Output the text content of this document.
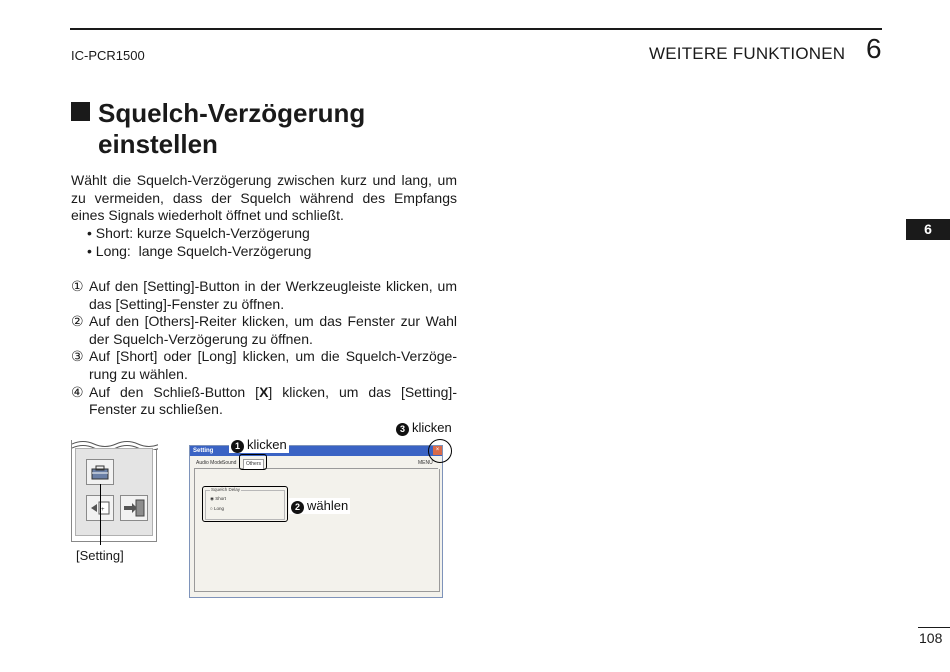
IC-PCR1500	WEITERE FUNKTIONEN 6
6
Squelch-Verzögerung
einstellen
Wählt die Squelch-Verzögerung zwischen kurz und lang, um zu vermeiden, dass der Squelch während des Empfangs eines Signals wiederholt öffnet und schließt.
• Short: kurze Squelch-Verzögerung
• Long:  lange Squelch-Verzögerung
① Auf den [Setting]-Button in der Werkzeugleiste klicken, um das [Setting]-Fenster zu öffnen.
② Auf den [Others]-Reiter klicken, um das Fenster zur Wahl der Squelch-Verzögerung zu öffnen.
③ Auf [Short] oder [Long] klicken, um die Squelch-Verzöge-rung zu wählen.
④ Auf den Schließ-Button [X] klicken, um das [Setting]-Fenster zu schließen.
+
[Setting]
Setting	×
Audio Mode Sound	Others	MENU
Squelch Delay
◉ Short
○ Long
1 klicken
2 wählen
3 klicken
108
